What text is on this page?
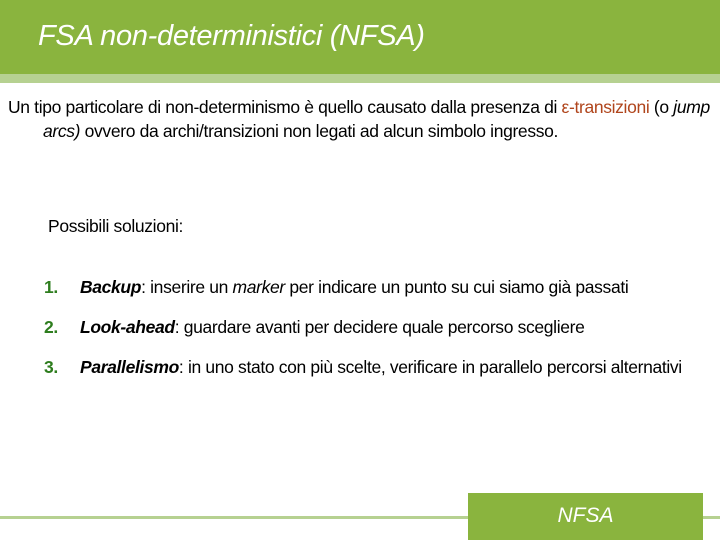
FSA non-deterministici (NFSA)
Un tipo particolare di non-determinismo è quello causato dalla presenza di ε-transizioni (o jump arcs) ovvero da archi/transizioni non legati ad alcun simbolo ingresso.
Possibili soluzioni:
1. Backup: inserire un marker per indicare un punto su cui siamo già passati
2. Look-ahead: guardare avanti per decidere quale percorso scegliere
3. Parallelismo: in uno stato con più scelte, verificare in parallelo percorsi alternativi
NFSA
